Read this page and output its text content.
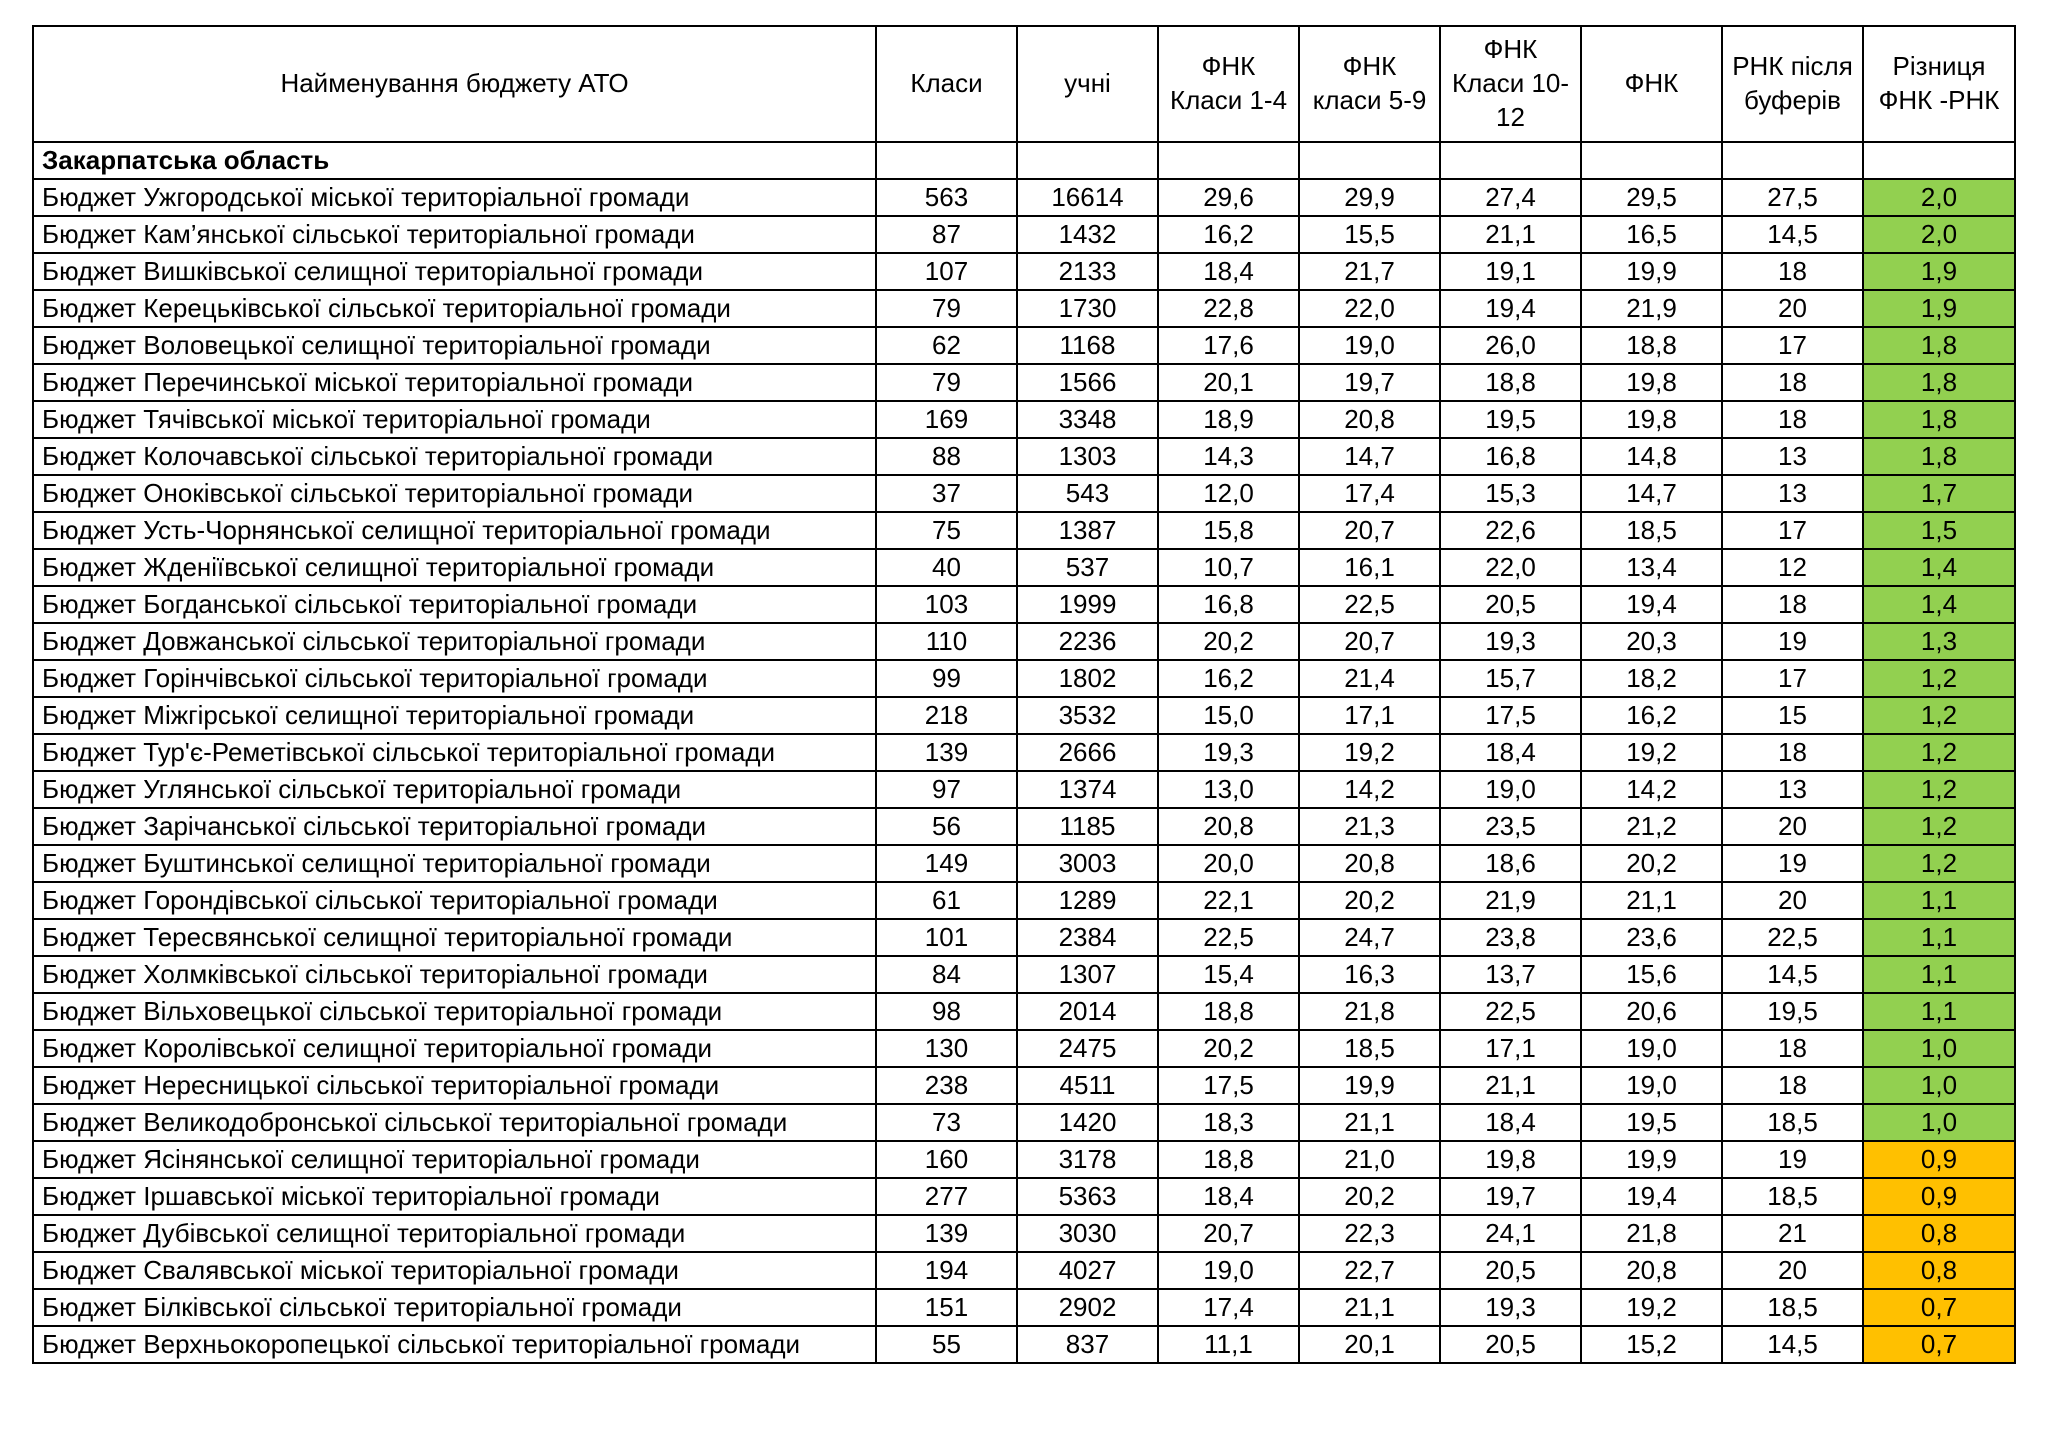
Найменування бюджету АТО	Класи	учні	ФНК Класи 1-4	ФНК класи 5-9	ФНК Класи 10-12	ФНК	РНК після буферів	Різниця ФНК -РНК
Закарпатська область								
Бюджет Ужгородської міської територіальної громади	563	16614	29,6	29,9	27,4	29,5	27,5	2,0
Бюджет Кам’янської сільської територіальної громади	87	1432	16,2	15,5	21,1	16,5	14,5	2,0
Бюджет Вишківської селищної територіальної громади	107	2133	18,4	21,7	19,1	19,9	18	1,9
Бюджет Керецьківської сільської територіальної громади	79	1730	22,8	22,0	19,4	21,9	20	1,9
Бюджет Воловецької селищної територіальної громади	62	1168	17,6	19,0	26,0	18,8	17	1,8
Бюджет Перечинської міської територіальної громади	79	1566	20,1	19,7	18,8	19,8	18	1,8
Бюджет Тячівської міської територіальної громади	169	3348	18,9	20,8	19,5	19,8	18	1,8
Бюджет Колочавської сільської територіальної громади	88	1303	14,3	14,7	16,8	14,8	13	1,8
Бюджет Оноківської сільської територіальної громади	37	543	12,0	17,4	15,3	14,7	13	1,7
Бюджет Усть-Чорнянської селищної територіальної громади	75	1387	15,8	20,7	22,6	18,5	17	1,5
Бюджет Жденіївської селищної територіальної громади	40	537	10,7	16,1	22,0	13,4	12	1,4
Бюджет Богданської сільської територіальної громади	103	1999	16,8	22,5	20,5	19,4	18	1,4
Бюджет Довжанської сільської територіальної громади	110	2236	20,2	20,7	19,3	20,3	19	1,3
Бюджет Горінчівської сільської територіальної громади	99	1802	16,2	21,4	15,7	18,2	17	1,2
Бюджет Міжгірської селищної територіальної громади	218	3532	15,0	17,1	17,5	16,2	15	1,2
Бюджет Тур'є-Реметівської сільської територіальної громади	139	2666	19,3	19,2	18,4	19,2	18	1,2
Бюджет Углянської сільської територіальної громади	97	1374	13,0	14,2	19,0	14,2	13	1,2
Бюджет Зарічанської сільської територіальної громади	56	1185	20,8	21,3	23,5	21,2	20	1,2
Бюджет Буштинської селищної територіальної громади	149	3003	20,0	20,8	18,6	20,2	19	1,2
Бюджет Горондівської сільської територіальної громади	61	1289	22,1	20,2	21,9	21,1	20	1,1
Бюджет Тересвянської селищної територіальної громади	101	2384	22,5	24,7	23,8	23,6	22,5	1,1
Бюджет Холмківської сільської територіальної громади	84	1307	15,4	16,3	13,7	15,6	14,5	1,1
Бюджет Вільховецької сільської територіальної громади	98	2014	18,8	21,8	22,5	20,6	19,5	1,1
Бюджет Королівської селищної територіальної громади	130	2475	20,2	18,5	17,1	19,0	18	1,0
Бюджет Нересницької сільської територіальної громади	238	4511	17,5	19,9	21,1	19,0	18	1,0
Бюджет Великодобронської сільської територіальної громади	73	1420	18,3	21,1	18,4	19,5	18,5	1,0
Бюджет Ясінянської селищної територіальної громади	160	3178	18,8	21,0	19,8	19,9	19	0,9
Бюджет Іршавської міської територіальної громади	277	5363	18,4	20,2	19,7	19,4	18,5	0,9
Бюджет Дубівської селищної територіальної громади	139	3030	20,7	22,3	24,1	21,8	21	0,8
Бюджет Свалявської міської територіальної громади	194	4027	19,0	22,7	20,5	20,8	20	0,8
Бюджет Білківської сільської територіальної громади	151	2902	17,4	21,1	19,3	19,2	18,5	0,7
Бюджет Верхньокоропецької сільської територіальної громади	55	837	11,1	20,1	20,5	15,2	14,5	0,7
